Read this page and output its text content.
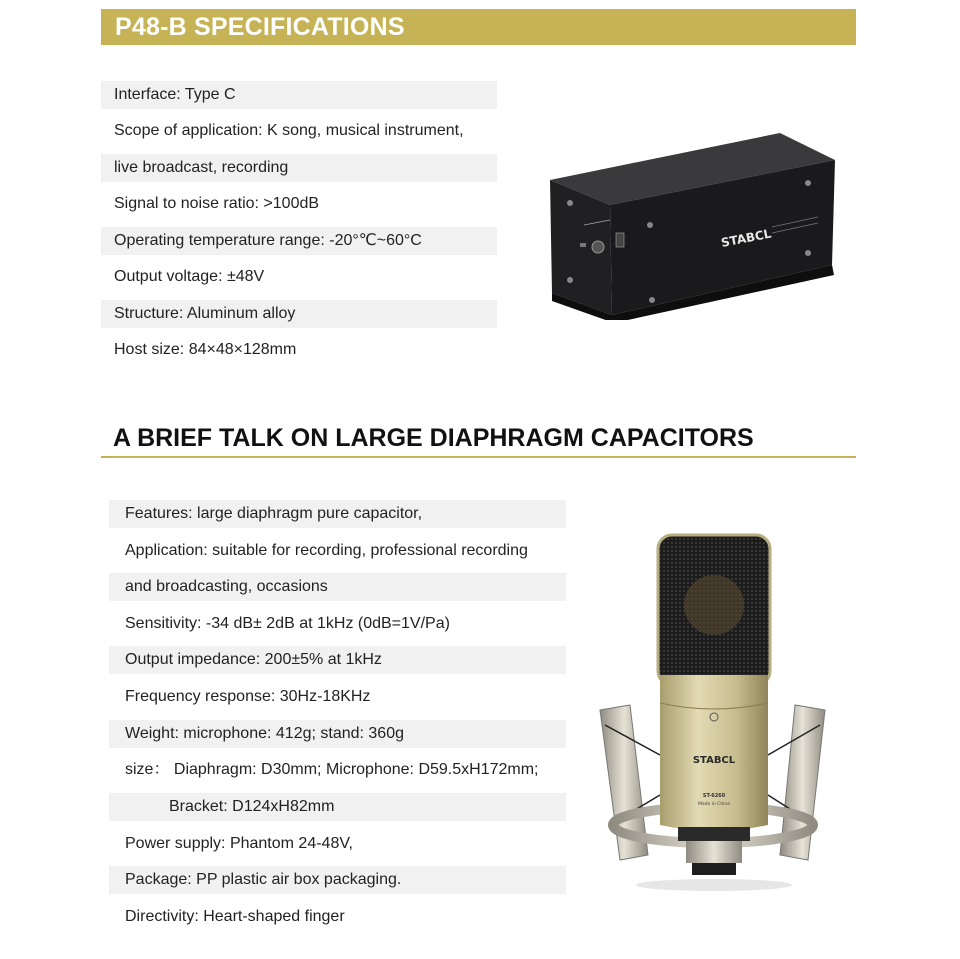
P48-B SPECIFICATIONS
Interface: Type C
Scope of application: K song, musical instrument,
live broadcast, recording
Signal to noise ratio: >100dB
Operating temperature range: -20°℃~60°C
Output voltage: ±48V
Structure: Aluminum alloy
Host size: 84×48×128mm
STABCL
A BRIEF TALK ON LARGE DIAPHRAGM CAPACITORS
Features: large diaphragm pure capacitor,
Application: suitable for recording, professional recording
and broadcasting, occasions
Sensitivity: -34 dB± 2dB at 1kHz (0dB=1V/Pa)
Output impedance: 200±5% at 1kHz
Frequency response: 30Hz-18KHz
Weight: microphone: 412g; stand: 360g
size： Diaphragm: D30mm; Microphone: D59.5xH172mm;
Bracket: D124xH82mm
Power supply: Phantom 24-48V,
Package: PP plastic air box packaging.
Directivity: Heart-shaped finger
STABCL
ST-6260
Made in China
